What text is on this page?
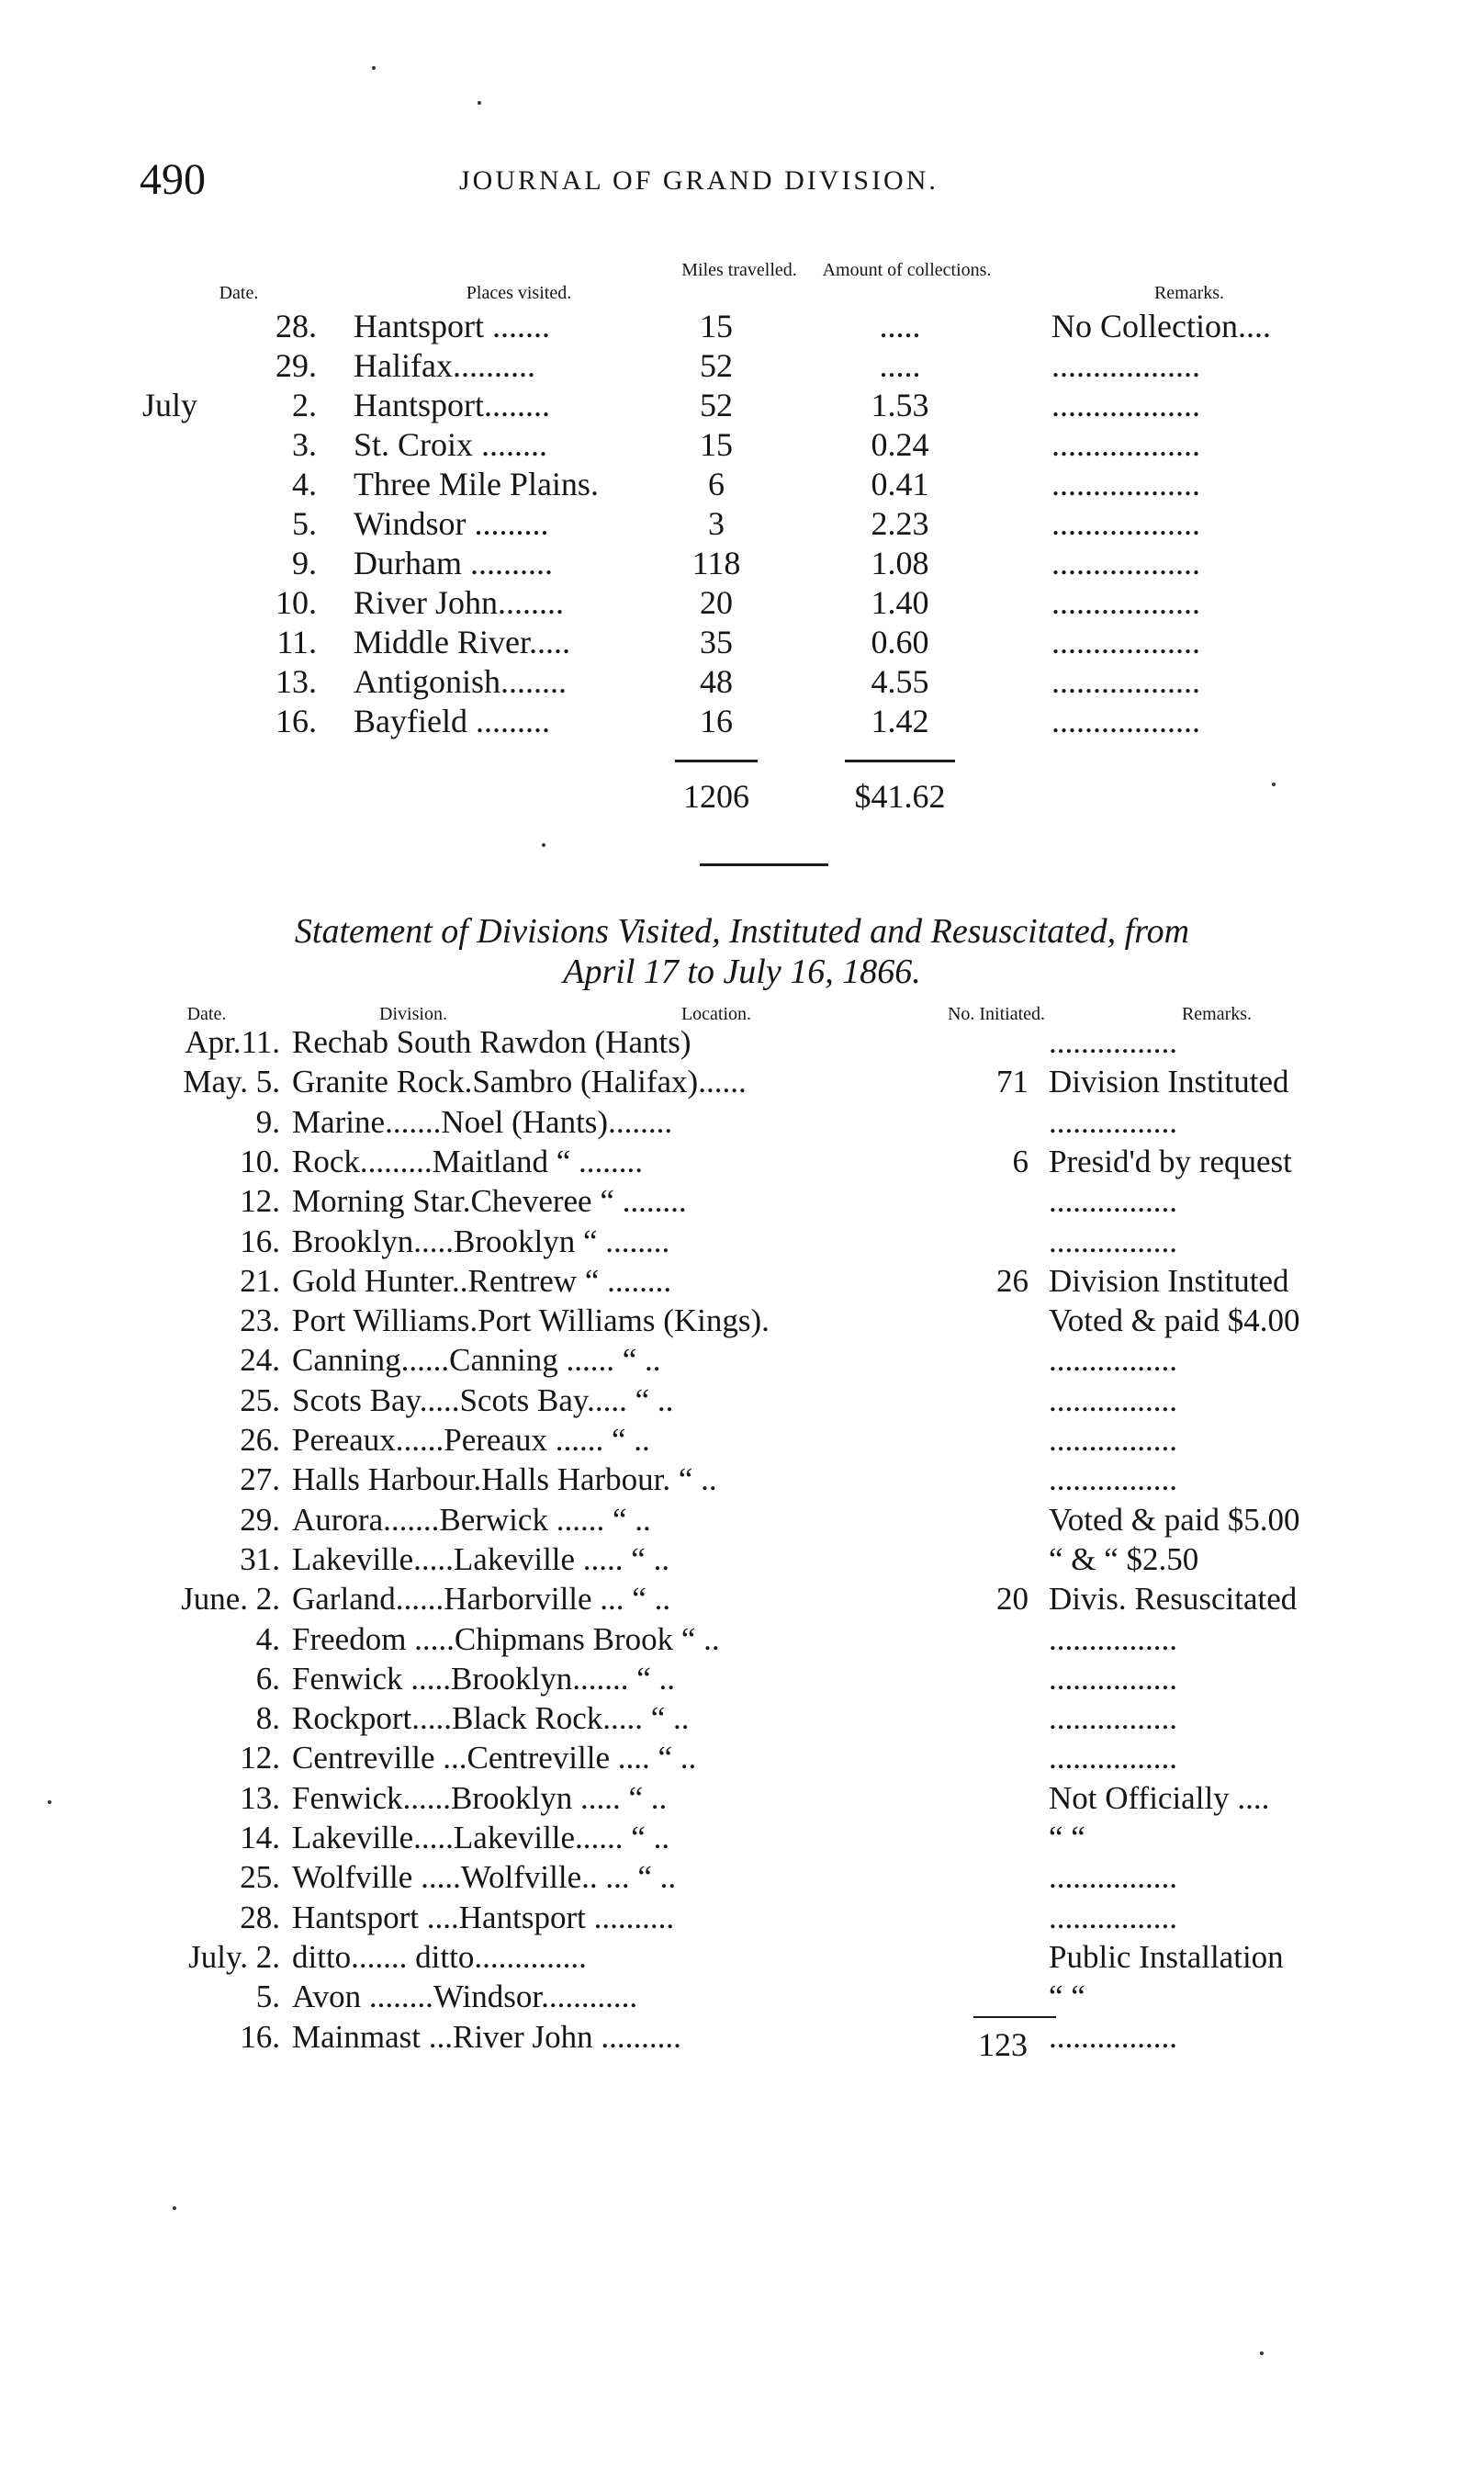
490	JOURNAL OF GRAND DIVISION.
Date.	Places visited.
Miles travelled.	Amount of collections.
Remarks.
28. Hantsport .......	15	.....	No Collection....
29. Halifax..........	52	.....	..................
July	2. Hantsport........	52	1.53	..................
3. St. Croix ........	15	0.24	..................
4. Three Mile Plains.	6	0.41	..................
5. Windsor .........	3	2.23	..................
9. Durham ..........	118	1.08	..................
10. River John........	20	1.40	..................
11. Middle River.....	35	0.60	..................
13. Antigonish........	48	4.55	..................
16. Bayfield .........	16	1.42	..................
1206	$41.62
Statement of Divisions Visited, Instituted and Resuscitated, from
April 17 to July 16, 1866.
Date.	Division.	Location.	No. Initiated.	Remarks.
Apr.11. Rechab South Rawdon (Hants)	................
May. 5. Granite Rock.Sambro (Halifax)......	71 Division Instituted
9. Marine.......Noel (Hants)........	................
10. Rock.........Maitland “ ........	6 Presid'd by request
12. Morning Star.Cheveree “ ........	................
16. Brooklyn.....Brooklyn “ ........	................
21. Gold Hunter..Rentrew “ ........	26 Division Instituted
23. Port Williams.Port Williams (Kings).	Voted & paid $4.00
24. Canning......Canning ...... “ ..	................
25. Scots Bay.....Scots Bay..... “ ..	................
26. Pereaux......Pereaux ...... “ ..	................
27. Halls Harbour.Halls Harbour. “ ..	................
29. Aurora.......Berwick ...... “ ..	Voted & paid $5.00
31. Lakeville.....Lakeville ..... “ ..	“ & “ $2.50
June. 2. Garland......Harborville ... “ ..	20 Divis. Resuscitated
4. Freedom .....Chipmans Brook “ ..	................
6. Fenwick .....Brooklyn....... “ ..	................
8. Rockport.....Black Rock..... “ ..	................
12. Centreville ...Centreville .... “ ..	................
13. Fenwick......Brooklyn ..... “ ..	Not Officially ....
14. Lakeville.....Lakeville...... “ ..	“ “
25. Wolfville .....Wolfville.. ... “ ..	................
28. Hantsport ....Hantsport ..........	................
July. 2. ditto....... ditto..............	Public Installation
5. Avon ........Windsor............	“ “
16. Mainmast ...River John ..........	................
123
